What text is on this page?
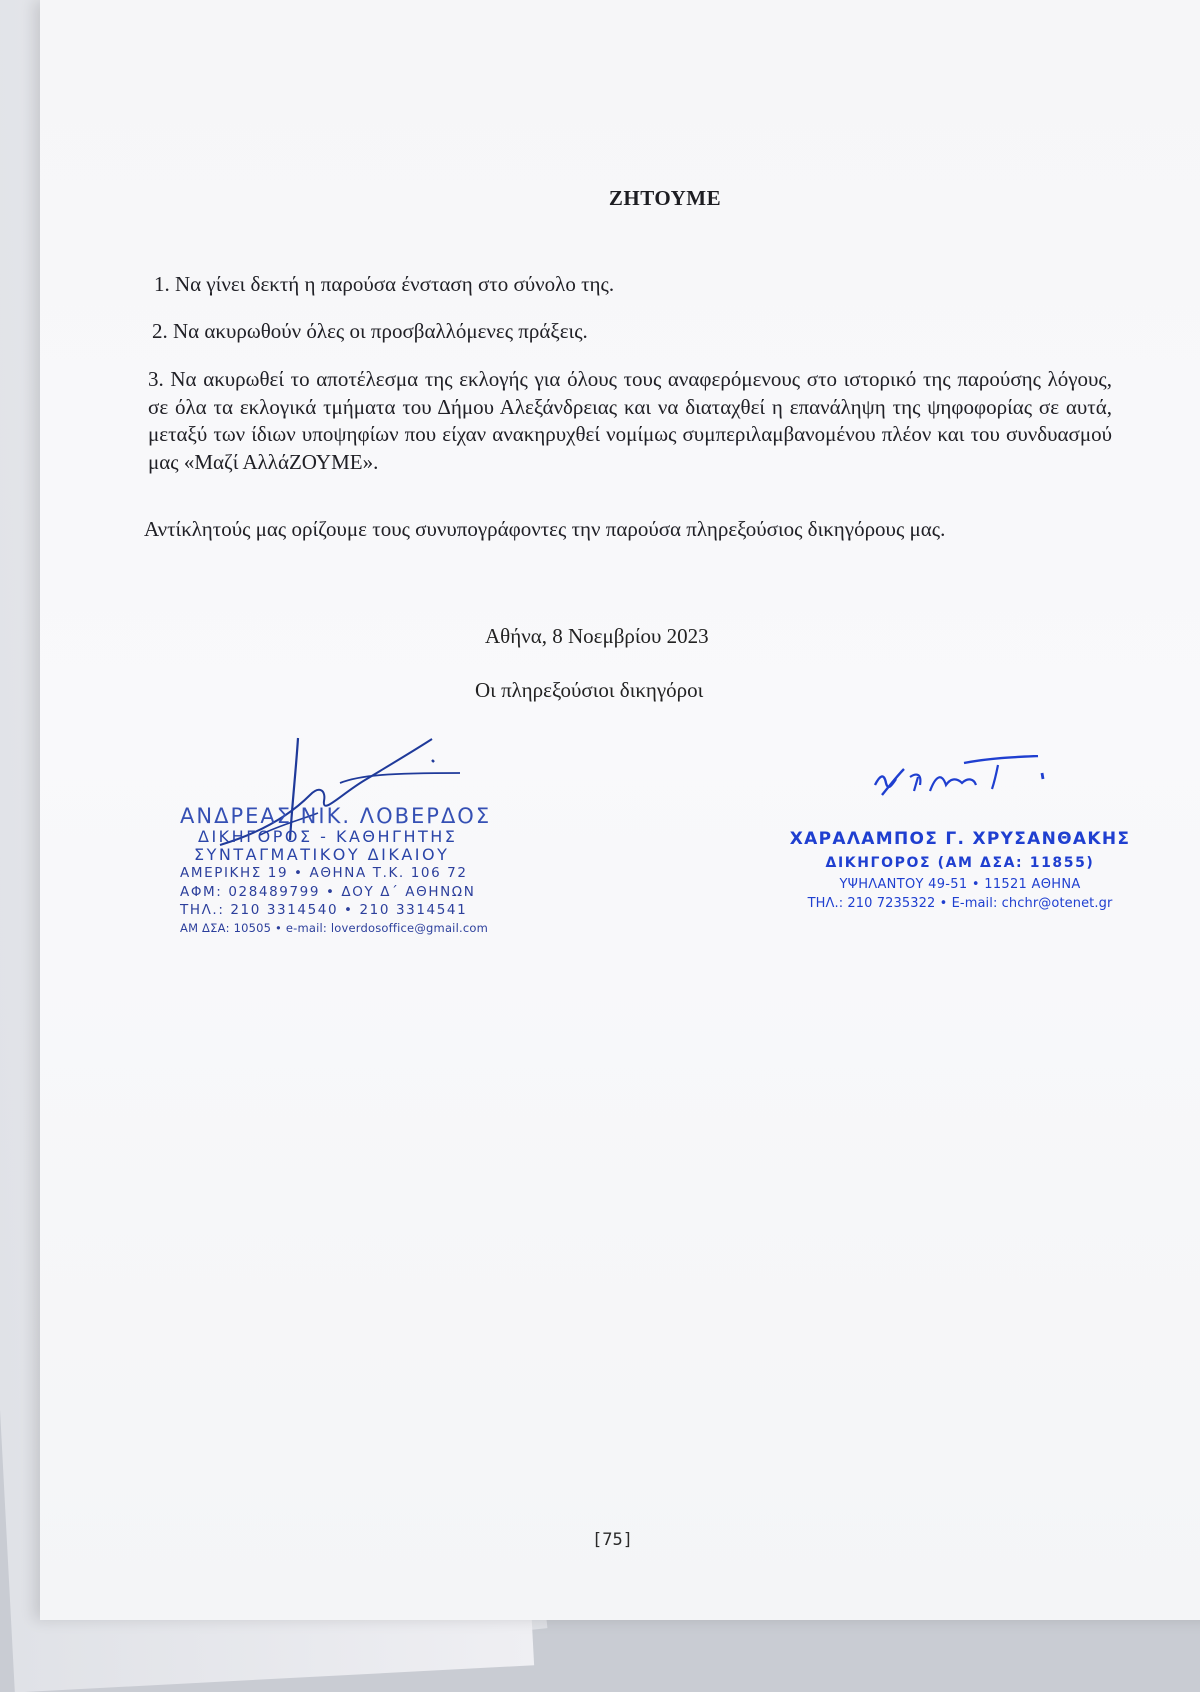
ΖΗΤΟΥΜΕ
1. Να γίνει δεκτή η παρούσα ένσταση στο σύνολο της.
2. Να ακυρωθούν όλες οι προσβαλλόμενες πράξεις.
3. Να ακυρωθεί το αποτέλεσμα της εκλογής για όλους τους αναφερόμενους στο ιστορικό της παρούσης λόγους, σε όλα τα εκλογικά τμήματα του Δήμου Αλεξάνδρειας και να διαταχθεί η επανάληψη της ψηφοφορίας σε αυτά, μεταξύ των ίδιων υποψηφίων που είχαν ανακηρυχθεί νομίμως συμπεριλαμβανομένου πλέον και του συνδυασμού μας «Μαζί ΑλλάΖΟΥΜΕ».
Αντίκλητούς μας ορίζουμε τους συνυπογράφοντες την παρούσα πληρεξούσιος δικηγόρους μας.
Αθήνα, 8 Νοεμβρίου 2023
Οι πληρεξούσιοι δικηγόροι
ΑΝΔΡΕΑΣ ΝΙΚ. ΛΟΒΕΡΔΟΣ
ΔΙΚΗΓΟΡΟΣ - ΚΑΘΗΓΗΤΗΣ
ΣΥΝΤΑΓΜΑΤΙΚΟΥ ΔΙΚΑΙΟΥ
ΑΜΕΡΙΚΗΣ 19 • ΑΘΗΝΑ Τ.Κ. 106 72
ΑΦΜ: 028489799 • ΔΟΥ Δ΄ ΑΘΗΝΩΝ
ΤΗΛ.: 210 3314540 • 210 3314541
ΑΜ ΔΣΑ: 10505 • e-mail: loverdosoffice@gmail.com
ΧΑΡΑΛΑΜΠΟΣ Γ. ΧΡΥΣΑΝΘΑΚΗΣ
ΔΙΚΗΓΟΡΟΣ (ΑΜ ΔΣΑ: 11855)
ΥΨΗΛΑΝΤΟΥ 49-51 • 11521 ΑΘΗΝΑ
ΤΗΛ.: 210 7235322 • E-mail: chchr@otenet.gr
[75]
